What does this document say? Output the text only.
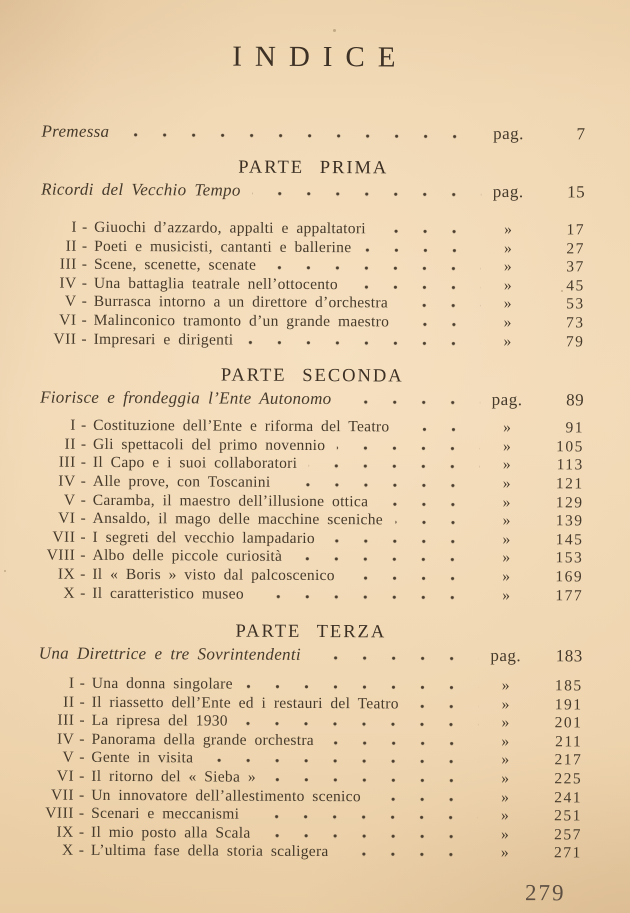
INDICE
Premessa	pag.	7
PARTE PRIMA
Ricordi del Vecchio Tempo	pag.	15
I - Giuochi d’azzardo, appalti e appaltatori	»	17
II - Poeti e musicisti, cantanti e ballerine	»	27
III - Scene, scenette, scenate	»	37
IV - Una battaglia teatrale nell’ottocento	»	45
V - Burrasca intorno a un direttore d’orchestra	»	53
VI - Malinconico tramonto d’un grande maestro	»	73
VII - Impresari e dirigenti	»	79
PARTE SECONDA
Fiorisce e frondeggia l’Ente Autonomo	pag.	89
I - Costituzione dell’Ente e riforma del Teatro	»	91
II - Gli spettacoli del primo novennio	»	105
III - Il Capo e i suoi collaboratori	»	113
IV - Alle prove, con Toscanini	»	121
V - Caramba, il maestro dell’illusione ottica	»	129
VI - Ansaldo, il mago delle macchine sceniche	»	139
VII - I segreti del vecchio lampadario	»	145
VIII - Albo delle piccole curiosità	»	153
IX - Il « Boris » visto dal palcoscenico	»	169
X - Il caratteristico museo	»	177
PARTE TERZA
Una Direttrice e tre Sovrintendenti	pag.	183
I - Una donna singolare	»	185
II - Il riassetto dell’Ente ed i restauri del Teatro	»	191
III - La ripresa del 1930	»	201
IV - Panorama della grande orchestra	»	211
V - Gente in visita	»	217
VI - Il ritorno del « Sieba »	»	225
VII - Un innovatore dell’allestimento scenico	»	241
VIII - Scenari e meccanismi	»	251
IX - Il mio posto alla Scala	»	257
X - L’ultima fase della storia scaligera	»	271
279
